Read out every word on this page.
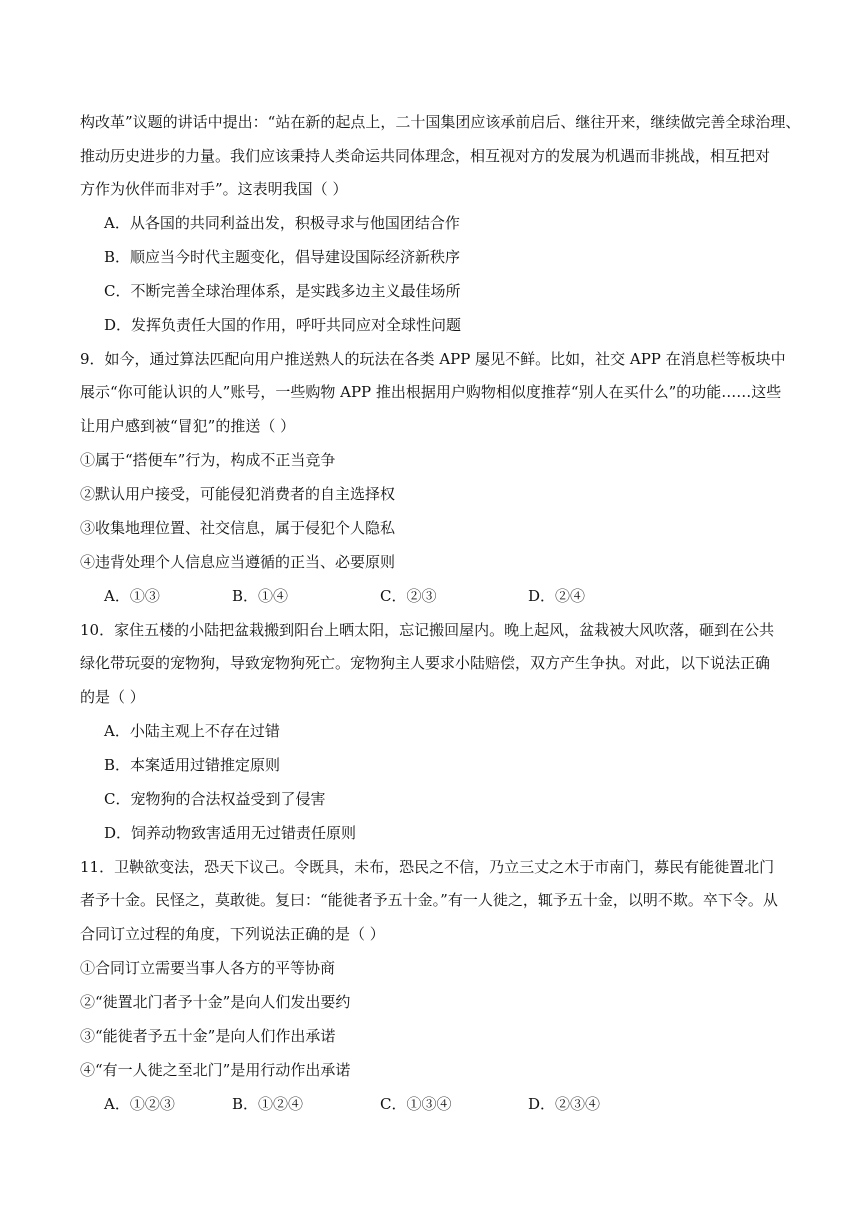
构改革”议题的讲话中提出：“站在新的起点上，二十国集团应该承前启后、继往开来，继续做完善全球治理、
推动历史进步的力量。我们应该秉持人类命运共同体理念，相互视对方的发展为机遇而非挑战，相互把对
方作为伙伴而非对手”。这表明我国（ ）
A．从各国的共同利益出发，积极寻求与他国团结合作
B．顺应当今时代主题变化，倡导建设国际经济新秩序
C．不断完善全球治理体系，是实践多边主义最佳场所
D．发挥负责任大国的作用，呼吁共同应对全球性问题
9．如今，通过算法匹配向用户推送熟人的玩法在各类 APP 屡见不鲜。比如，社交 APP 在消息栏等板块中
展示“你可能认识的人”账号，一些购物 APP 推出根据用户购物相似度推荐“别人在买什么”的功能……这些
让用户感到被“冒犯”的推送（ ）
①属于“搭便车”行为，构成不正当竞争
②默认用户接受，可能侵犯消费者的自主选择权
③收集地理位置、社交信息，属于侵犯个人隐私
④违背处理个人信息应当遵循的正当、必要原则
A．①③	B．①④	C．②③	D．②④
10．家住五楼的小陆把盆栽搬到阳台上晒太阳，忘记搬回屋内。晚上起风，盆栽被大风吹落，砸到在公共
绿化带玩耍的宠物狗，导致宠物狗死亡。宠物狗主人要求小陆赔偿，双方产生争执。对此，以下说法正确
的是（ ）
A．小陆主观上不存在过错
B．本案适用过错推定原则
C．宠物狗的合法权益受到了侵害
D．饲养动物致害适用无过错责任原则
11．卫鞅欲变法，恐天下议己。令既具，未布，恐民之不信，乃立三丈之木于市南门，募民有能徙置北门
者予十金。民怪之，莫敢徙。复曰：“能徙者予五十金。”有一人徙之，辄予五十金，以明不欺。卒下令。从
合同订立过程的角度，下列说法正确的是（ ）
①合同订立需要当事人各方的平等协商
②“徙置北门者予十金”是向人们发出要约
③“能徙者予五十金”是向人们作出承诺
④“有一人徙之至北门”是用行动作出承诺
A．①②③	B．①②④	C．①③④	D．②③④
